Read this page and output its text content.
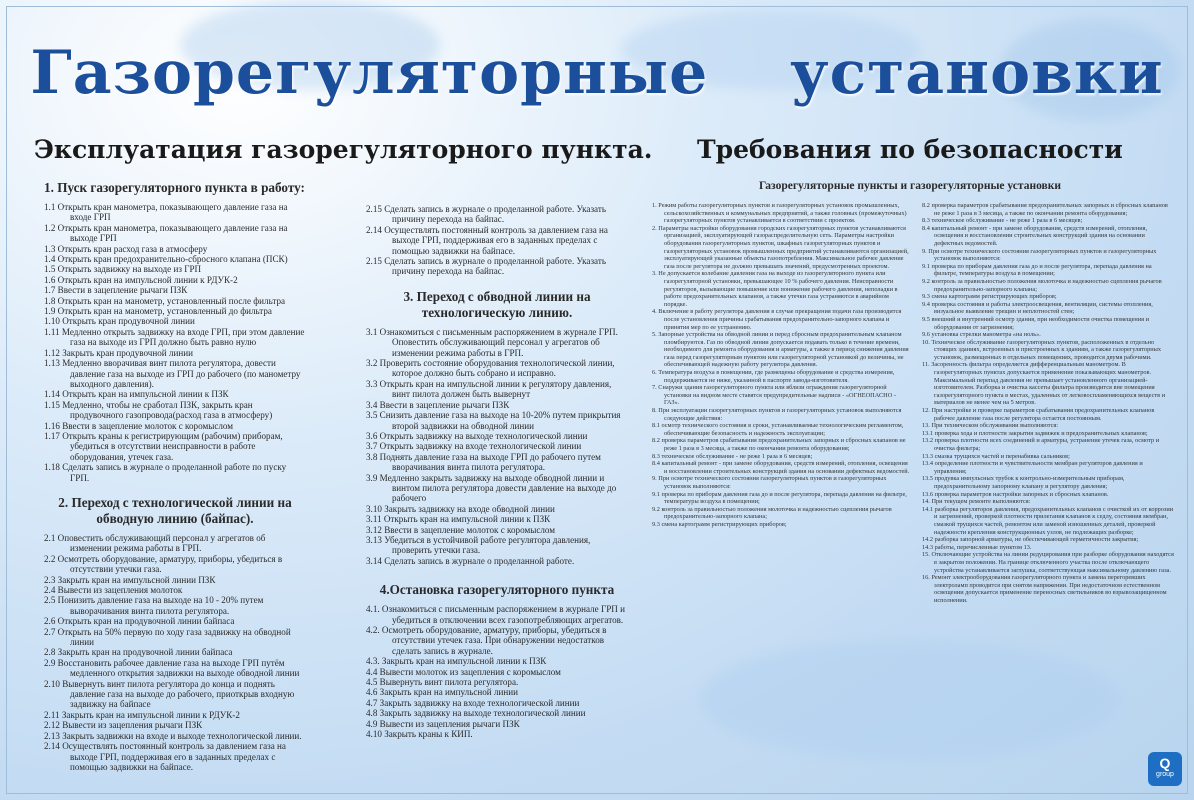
Газорегуляторные установки
Эксплуатация газорегуляторного пункта. Требования по безопасности
1. Пуск газорегуляторного пункта в работу:

1.1 Открыть кран манометра, показывающего давление газа на входе ГРП

1.2 Открыть кран манометра, показывающего давление газа на выходе ГРП

1.3 Открыть кран расход газа в атмосферу

1.4 Открыть кран предохранительно-сбросного клапана (ПСК)

1.5 Открыть задвижку на выходе из ГРП

1.6 Открыть кран на импульсной линии к РДУК-2

1.7 Ввести в зацепление рычаги ПЗК

1.8 Открыть кран на манометр, установленный после фильтра

1.9 Открыть кран на манометр, установленный до фильтра

1.10 Открыть кран продувочной линии

1.11 Медленно открыть задвижку на входе ГРП, при этом давление газа на выходе из ГРП должно быть равно нулю

1.12 Закрыть кран продувочной линии

1.13 Медленно вворачивая винт пилота регулятора, довести давление газа на выходе из ГРП до рабочего (по манометру выходного давления).

1.14 Открыть кран на импульсной линии к ПЗК

1.15 Медленно, чтобы не сработал ПЗК, закрыть кран продувочного газопровода(расход газа в атмосферу)

1.16 Ввести в зацепление молоток с коромыслом

1.17 Открыть краны к регистрирующим (рабочим) приборам, убедиться в отсутствии неисправности в работе оборудования, утечек газа.

1.18 Сделать запись в журнале о проделанной работе по пуску ГРП.

2. Переход с технологической линии на обводную линию (байпас).

2.1 Оповестить обслуживающий персонал у агрегатов об изменении режима работы в ГРП.

2.2 Осмотреть оборудование, арматуру, приборы, убедиться в отсутствии утечки газа.

2.3 Закрыть кран на импульсной линии ПЗК

2.4 Вывести из зацепления молоток

2.5 Понизить давление газа на выходе на 10 - 20% путем выворачивания винта пилота регулятора.

2.6 Открыть кран на продувочной линии байпаса

2.7 Открыть на 50% первую по ходу газа задвижку на обводной линии

2.8 Закрыть кран на продувочной линии байпаса

2.9 Восстановить рабочее давление газа на выходе ГРП путём медленного открытия задвижки на выходе обводной линии

2.10 Вывернуть винт пилота регулятора до конца и поднять давление газа на выходе до рабочего, приоткрыв входную задвижку на байпасе

2.11 Закрыть кран на импульсной линии к РДУК-2

2.12 Вывести из зацепления рычаги ПЗК

2.13 Закрыть задвижки на входе и выходе технологической линии.

2.14 Осуществлять постоянный контроль за давлением газа на выходе ГРП, поддерживая его в заданных пределах с помощью задвижки на байпасе.

2.15 Сделать запись в журнале о проделанной работе. Указать причину перехода на байпас.

2.14 Осуществлять постоянный контроль за давлением газа на выходе ГРП, поддерживая его в заданных пределах с помощью задвижки на байпасе.

2.15 Сделать запись в журнале о проделанной работе. Указать причину перехода на байпас.

3. Переход с обводной линии на технологическую линию.

3.1 Ознакомиться с письменным распоряжением в журнале ГРП. Оповестить обслуживающий персонал у агрегатов об изменении режима работы в ГРП.

3.2 Проверить состояние оборудования технологической линии, которое должно быть собрано и исправно.

3.3 Открыть кран на импульсной линии к регулятору давления, винт пилота должен быть вывернут

3.4 Ввести в зацепление рычаги ПЗК

3.5 Снизить давление газа на выходе на 10-20% путем прикрытия второй задвижки на обводной линии

3.6 Открыть задвижку на выходе технологической линии

3.7 Открыть задвижку на входе технологической линии

3.8 Поднять давление газа на выходе ГРП до рабочего путем вворачивания винта пилота регулятора.

3.9 Медленно закрыть задвижку на выходе обводной линии и винтом пилота регулятора довести давление на выходе до рабочего

3.10 Закрыть задвижку на входе обводной линии

3.11 Открыть кран на импульсной линии к ПЗК

3.12 Ввести в зацепление молоток с коромыслом

3.13 Убедиться в устойчивой работе регулятора давления, проверить утечки газа.

3.14 Сделать запись в журнале о проделанной работе.

4.Остановка газорегуляторного пункта

4.1. Ознакомиться с письменным распоряжением в журнале ГРП и убедиться в отключении всех газопотребляющих агрегатов.

4.2. Осмотреть оборудование, арматуру, приборы, убедиться в отсутствии утечек газа. При обнаружении недостатков сделать запись в журнале.

4.3. Закрыть кран на импульсной линии к ПЗК

4.4 Вывести молоток из зацепления с коромыслом

4.5 Вывернуть винт пилота регулятора.

4.6 Закрыть кран на импульсной линии

4.7 Закрыть задвижку на входе технологической линии

4.8 Закрыть задвижку на выходе технологической линии

4.9 Вывести из зацепления рычаги ПЗК

4.10 Закрыть краны к КИП.

Газорегуляторные пункты и газорегуляторные установки

1. Режим работы газорегуляторных пунктов и газорегуляторных установок промышленных, сельскохозяйственных и коммунальных предприятий, а также головных (промежуточных) газорегуляторных пунктов устанавливается в соответствии с проектом.

2. Параметры настройки оборудования городских газорегуляторных пунктов устанавливаются организацией, эксплуатирующей газораспределительную сеть. Параметры настройки оборудования газорегуляторных пунктов, шкафных газорегуляторных пунктов и газорегуляторных установок промышленных предприятий устанавливаются организацией, эксплуатирующей указанные объекты газопотребления. Максимальное рабочее давление газа после регулятора не должно превышать значений, предусмотренных проектом.

3. Не допускается колебание давления газа на выходе из газорегуляторного пункта или газорегуляторной установки, превышающее 10 % рабочего давления. Неисправности регуляторов, вызывающие повышение или понижение рабочего давления, неполадки в работе предохранительных клапанов, а также утечки газа устраняются в аварийном порядке.

4. Включение в работу регулятора давления в случае прекращения подачи газа производится после установления причины срабатывания предохранительно-запорного клапана и принятия мер по ее устранению.

5. Запорные устройства на обводной линии и перед сбросным предохранительным клапаном пломбируются. Газ по обводной линии допускается подавать только в течение времени, необходимого для ремонта оборудования и арматуры, а также в период снижения давления газа перед газорегуляторным пунктом или газорегуляторной установкой до величины, не обеспечивающей надежную работу регулятора давления.

6. Температура воздуха в помещении, где размещены оборудование и средства измерения, поддерживается не ниже, указанной в паспорте завода-изготовителя.

7. Снаружи здания газорегуляторного пункта или вблизи ограждения газорегуляторной установки на видном месте ставятся предупредительные надписи - «ОГНЕОПАСНО - ГАЗ».

8. При эксплуатации газорегуляторных пунктов и газорегуляторных установок выполняются следующие действия:

8.1 осмотр технического состояния в сроки, устанавливаемые технологическим регламентом, обеспечивающие безопасность и надежность эксплуатации;

8.2 проверка параметров срабатывания предохранительных запорных и сбросных клапанов не реже 1 раза в 3 месяца, а также по окончании ремонта оборудования;

8.3 техническое обслуживание - не реже 1 раза в 6 месяцев;

8.4 капитальный ремонт - при замене оборудования, средств измерений, отопления, освещения и восстановлении строительных конструкций здания на основании дефектных ведомостей.

9. При осмотре технического состояния газорегуляторных пунктов и газорегуляторных установок выполняются:

9.1 проверка по приборам давления газа до и после регулятора, перепада давления на фильтре, температуры воздуха в помещении;

9.2 контроль за правильностью положения молоточка и надежностью сцепления рычагов предохранительно-запорного клапана;

9.3 смена картограмм регистрирующих приборов;

8.2 проверка параметров срабатывания предохранительных запорных и сбросных клапанов не реже 1 раза в 3 месяца, а также по окончании ремонта оборудования;

8.3 техническое обслуживание - не реже 1 раза в 6 месяцев;

8.4 капитальный ремонт - при замене оборудования, средств измерений, отопления, освещения и восстановлении строительных конструкций здания на основании дефектных ведомостей.

9. При осмотре технического состояния газорегуляторных пунктов и газорегуляторных установок выполняются:

9.1 проверка по приборам давления газа до и после регулятора, перепада давления на фильтре, температуры воздуха в помещении;

9.2 контроль за правильностью положения молоточка и надежностью сцепления рычагов предохранительно-запорного клапана;

9.3 смена картограмм регистрирующих приборов;

9.4 проверка состояния и работы электроосвещения, вентиляции, системы отопления, визуальное выявление трещин и неплотностей стен;

9.5 внешний и внутренний осмотр здания, при необходимости очистка помещения и оборудования от загрязнения;

9.6 установка стрелки манометра «на ноль».

10. Техническое обслуживание газорегуляторных пунктов, расположенных в отдельно стоящих зданиях, встроенных и пристроенных к зданиям, а также газорегуляторных установок, размещенных в отдельных помещениях, проводится двумя рабочими.

11. Засоренность фильтра определяется дифференциальным манометром. В газорегуляторных пунктах допускается применение показывающих манометров. Максимальный перепад давления не превышает установленного организацией-изготовителем. Разборка и очистка кассеты фильтра производится вне помещения газорегуляторного пункта в местах, удаленных от легковоспламеняющихся веществ и материалов не менее чем на 5 метров.

12. При настройке и проверке параметров срабатывания предохранительных клапанов рабочее давление газа после регулятора остается постоянным.

13. При техническом обслуживании выполняются:

13.1 проверка хода и плотности закрытия задвижек и предохранительных клапанов;

13.2 проверка плотности всех соединений и арматуры, устранение утечек газа, осмотр и очистка фильтра;

13.3 смазка трущихся частей и перенабивка сальников;

13.4 определение плотности и чувствительности мембран регуляторов давления и управления;

13.5 продувка импульсных трубок к контрольно-измерительным приборам, предохранительному запорному клапану и регулятору давления;

13.6 проверка параметров настройки запорных и сбросных клапанов.

14. При текущем ремонте выполняются:

14.1 разборка регуляторов давления, предохранительных клапанов с очисткой их от коррозии и загрязнений, проверкой плотности прилегания клапанов к седлу, состояния мембран, смазкой трущихся частей, ремонтом или заменой изношенных деталей, проверкой надежности крепления конструкционных узлов, не подлежащих разборке;

14.2 разборка запорной арматуры, не обеспечивающей герметичности закрытия;

14.3 работы, перечисленные пунктом 13.

15. Отключающие устройства на линии редуцирования при разборке оборудования находятся в закрытом положении. На границе отключенного участка после отключающего устройства устанавливается заглушка, соответствующая максимальному давлению газа.

16. Ремонт электрооборудования газорегуляторного пункта и замена перегоревших электроламп проводится при снятом напряжении. При недостаточном естественном освещении допускается применение переносных светильников во взрывозащищенном исполнении.

Q
group
